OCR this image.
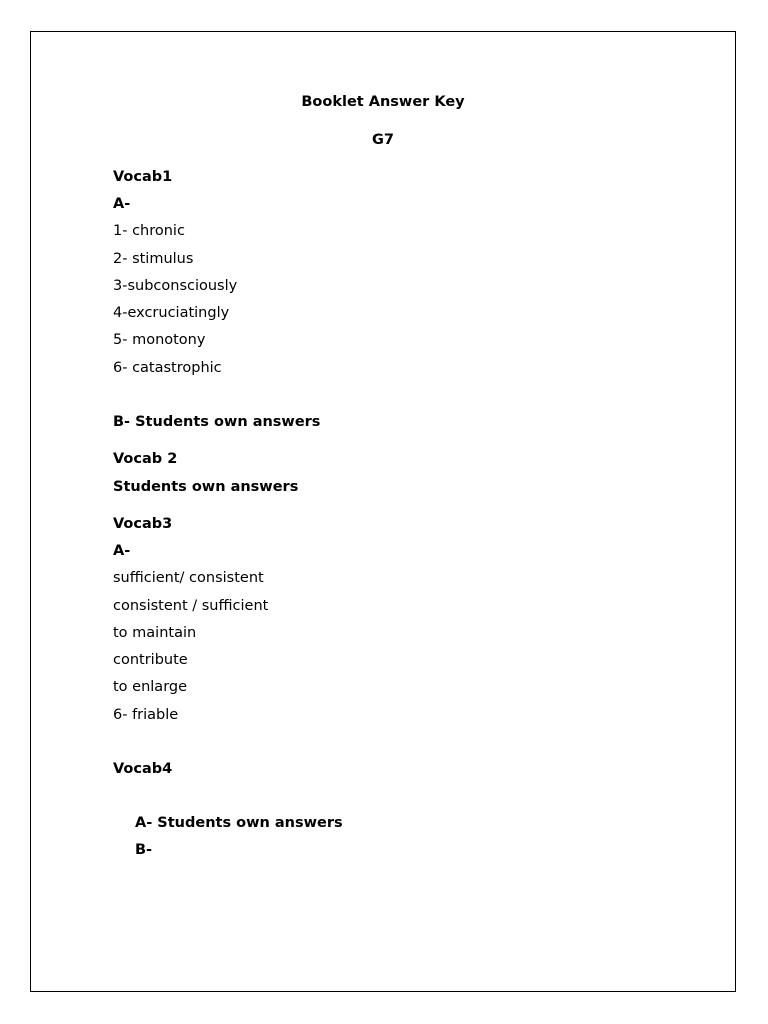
Booklet Answer Key
G7
Vocab1
A-
1- chronic
2- stimulus
3-subconsciously
4-excruciatingly
5- monotony
6- catastrophic
B- Students own answers
Vocab 2
Students own answers
Vocab3
A-
sufficient/ consistent
consistent / sufficient
to maintain
contribute
to enlarge
6- friable
Vocab4
A- Students own answers
B-
